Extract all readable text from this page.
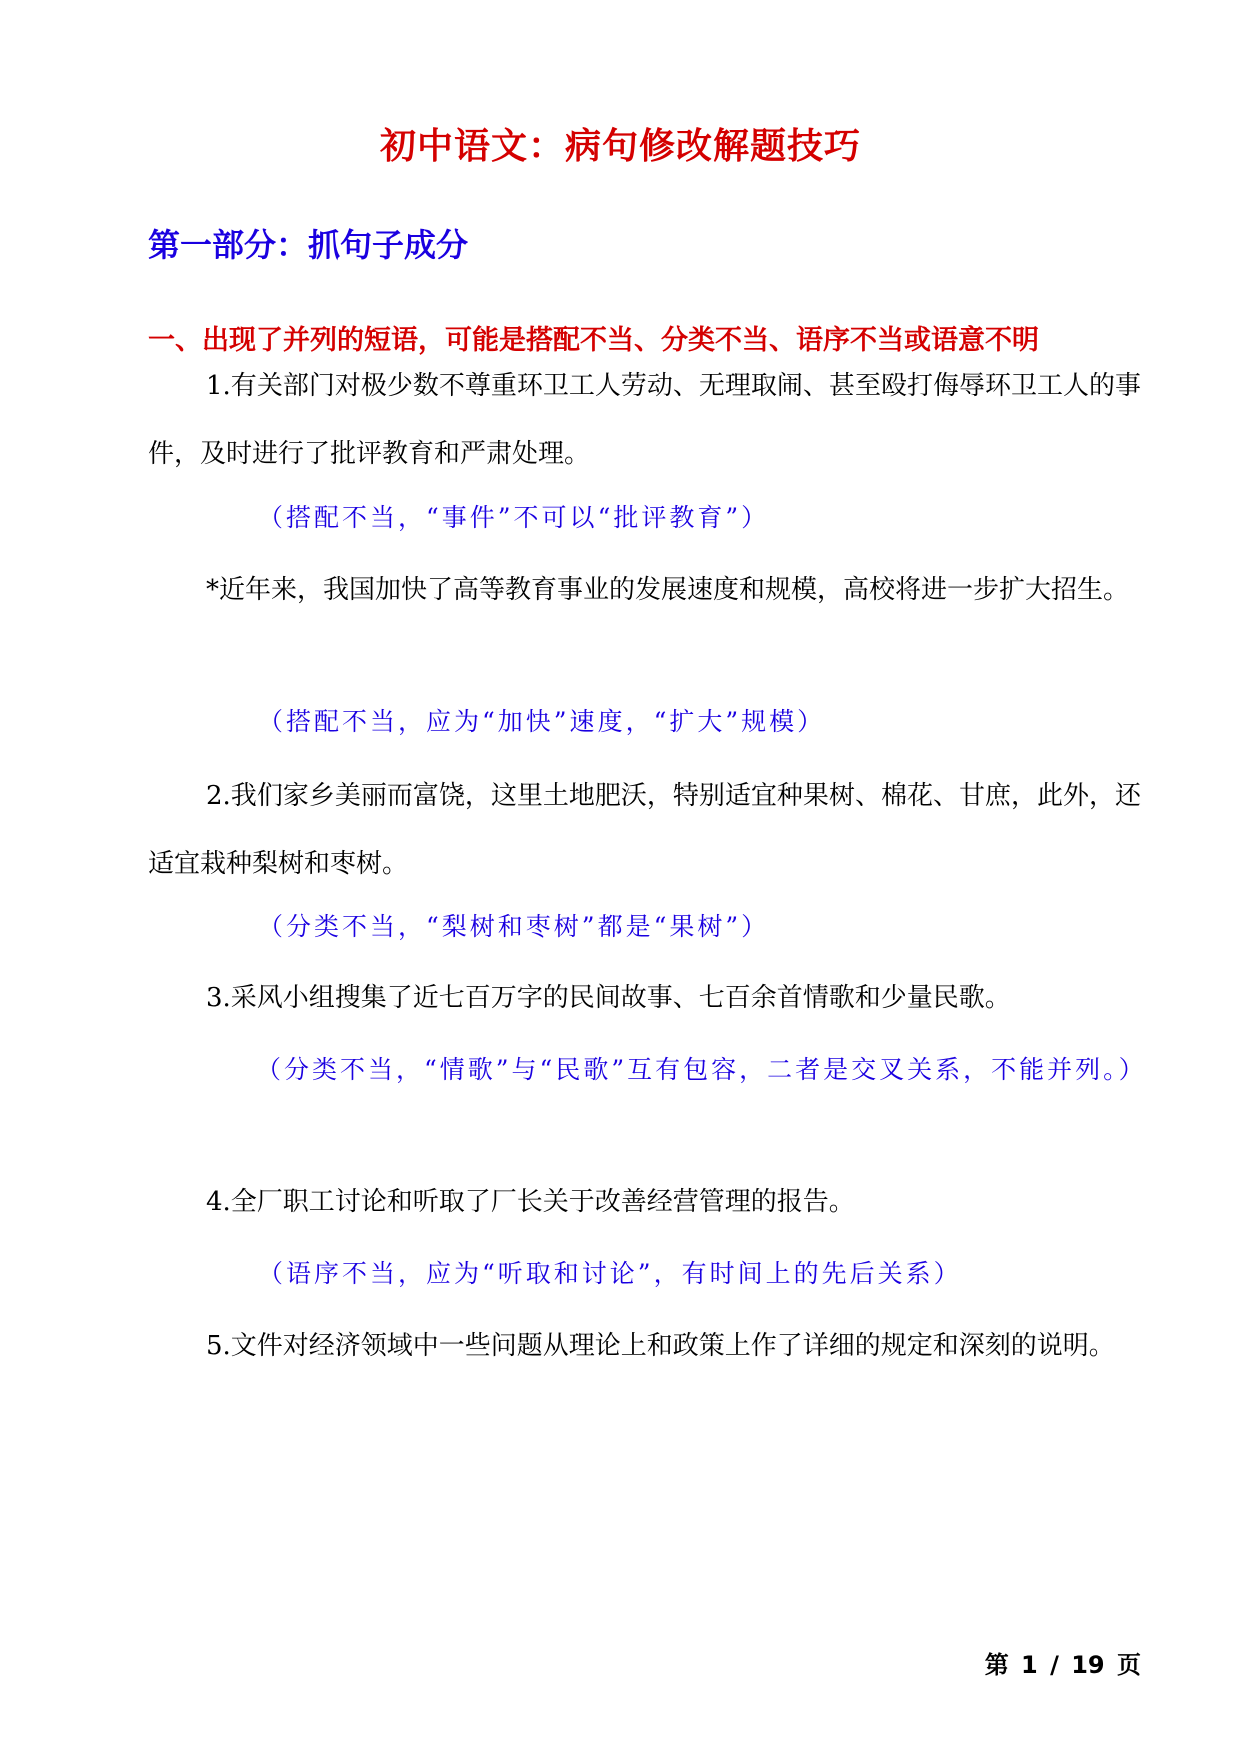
初中语文：病句修改解题技巧
第一部分：抓句子成分
一、出现了并列的短语，可能是搭配不当、分类不当、语序不当或语意不明
1.有关部门对极少数不尊重环卫工人劳动、无理取闹、甚至殴打侮辱环卫工人的事件，及时进行了批评教育和严肃处理。
（搭配不当，“事件”不可以“批评教育”）
*近年来，我国加快了高等教育事业的发展速度和规模，高校将进一步扩大招生。
（搭配不当，应为“加快”速度，“扩大”规模）
2.我们家乡美丽而富饶，这里土地肥沃，特别适宜种果树、棉花、甘庶，此外，还适宜栽种梨树和枣树。
（分类不当，“梨树和枣树”都是“果树”）
3.采风小组搜集了近七百万字的民间故事、七百余首情歌和少量民歌。
（分类不当，“情歌”与“民歌”互有包容，二者是交叉关系，不能并列。）
4.全厂职工讨论和听取了厂长关于改善经营管理的报告。
（语序不当，应为“听取和讨论”，有时间上的先后关系）
5.文件对经济领域中一些问题从理论上和政策上作了详细的规定和深刻的说明。
第 1 / 19 页
